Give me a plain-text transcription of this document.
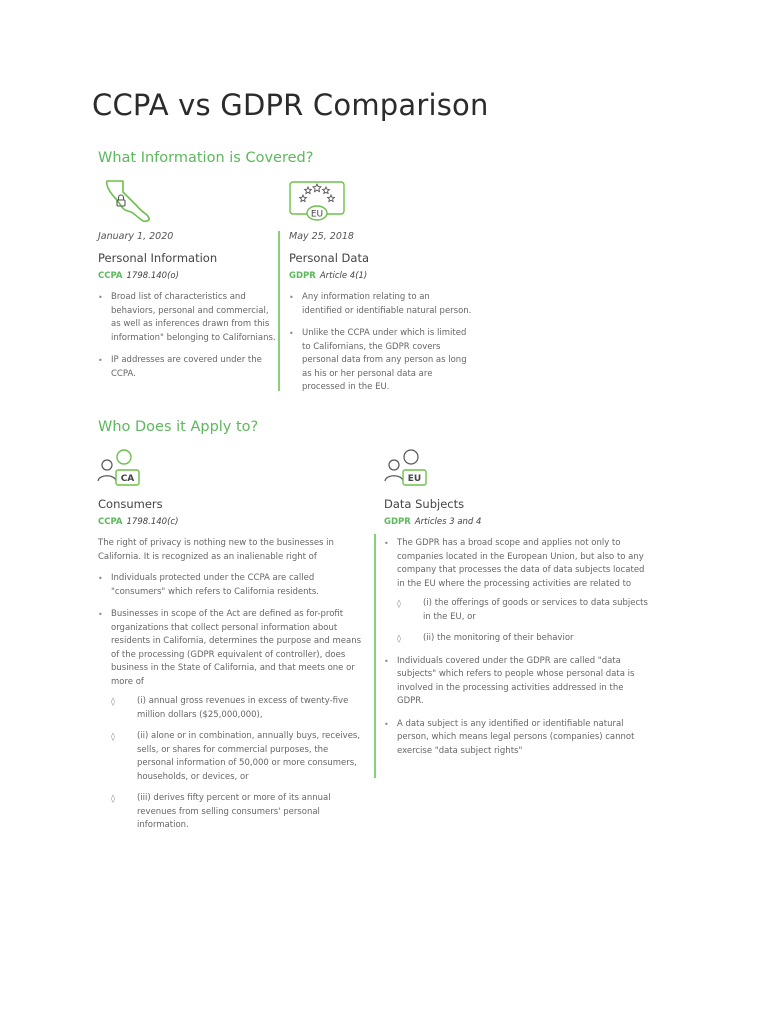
CCPA vs GDPR Comparison
What Information is Covered?
EU

January 1, 2020

Personal Information

CCPA 1798.140(o)

• Broad list of characteristics and behaviors, personal and commercial, as well as inferences drawn from this information" belonging to Californians.
• IP addresses are covered under the CCPA.

May 25, 2018

Personal Data

GDPR Article 4(1)

• Any information relating to an identified or identifiable natural person.
• Unlike the CCPA under which is limited to Californians, the GDPR covers personal data from any person as long as his or her personal data are processed in the EU.
Who Does it Apply to?
CA	EU

Consumers

CCPA 1798.140(c)

The right of privacy is nothing new to the businesses in California. It is recognized as an inalienable right of

• Individuals protected under the CCPA are called "consumers" which refers to California residents.
• Businesses in scope of the Act are defined as for-profit organizations that collect personal information about residents in California, determines the purpose and means of the processing (GDPR equivalent of controller), does business in the State of California, and that meets one or more of
◊ (i) annual gross revenues in excess of twenty-five million dollars ($25,000,000),
◊ (ii) alone or in combination, annually buys, receives, sells, or shares for commercial purposes, the personal information of 50,000 or more consumers, households, or devices, or
◊ (iii) derives fifty percent or more of its annual revenues from selling consumers' personal information.

Data Subjects

GDPR Articles 3 and 4

• The GDPR has a broad scope and applies not only to companies located in the European Union, but also to any company that processes the data of data subjects located in the EU where the processing activities are related to
◊ (i) the offerings of goods or services to data subjects in the EU, or
◊ (ii) the monitoring of their behavior
• Individuals covered under the GDPR are called "data subjects" which refers to people whose personal data is involved in the processing activities addressed in the GDPR.
• A data subject is any identified or identifiable natural person, which means legal persons (companies) cannot exercise "data subject rights"
